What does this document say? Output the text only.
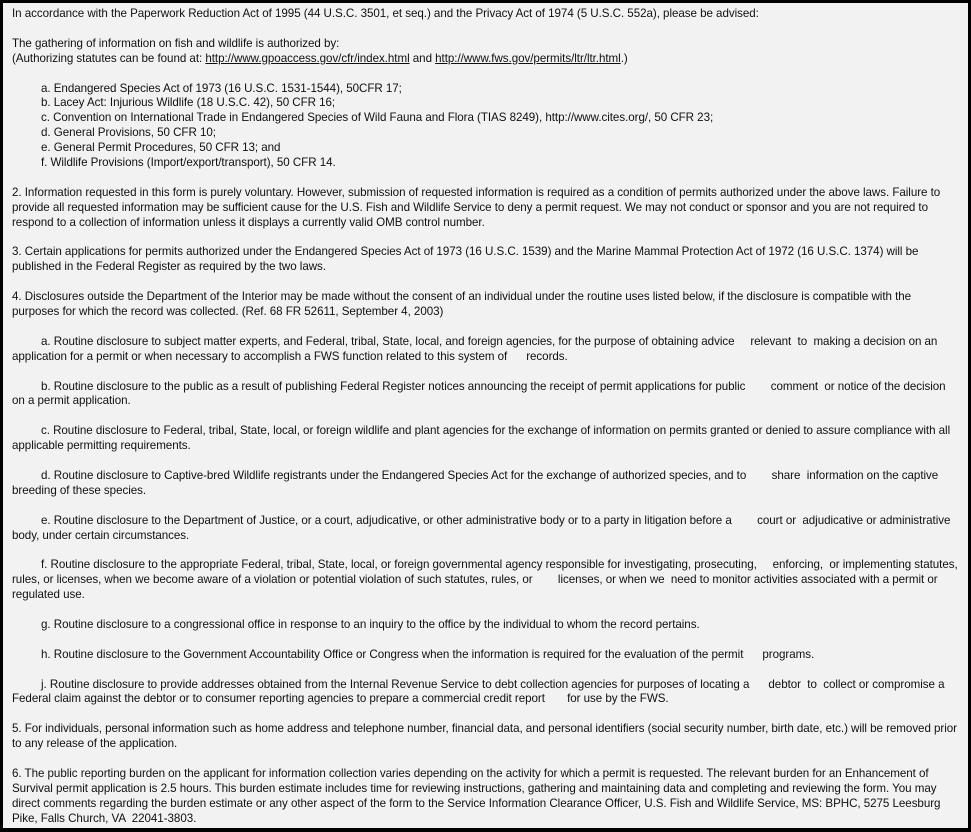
In accordance with the Paperwork Reduction Act of 1995 (44 U.S.C. 3501, et seq.) and the Privacy Act of 1974 (5 U.S.C. 552a), please be advised:

The gathering of information on fish and wildlife is authorized by:
(Authorizing statutes can be found at: http://www.gpoaccess.gov/cfr/index.html and http://www.fws.gov/permits/ltr/ltr.html.)
a. Endangered Species Act of 1973 (16 U.S.C. 1531-1544), 50CFR 17;
b. Lacey Act: Injurious Wildlife (18 U.S.C. 42), 50 CFR 16;
c. Convention on International Trade in Endangered Species of Wild Fauna and Flora (TIAS 8249), http://www.cites.org/, 50 CFR 23;
d. General Provisions, 50 CFR 10;
e. General Permit Procedures, 50 CFR 13; and
f. Wildlife Provisions (Import/export/transport), 50 CFR 14.

2. Information requested in this form is purely voluntary. However, submission of requested information is required as a condition of permits authorized under the above laws. Failure to provide all requested information may be sufficient cause for the U.S. Fish and Wildlife Service to deny a permit request. We may not conduct or sponsor and you are not required to respond to a collection of information unless it displays a currently valid OMB control number.

3. Certain applications for permits authorized under the Endangered Species Act of 1973 (16 U.S.C. 1539) and the Marine Mammal Protection Act of 1972 (16 U.S.C. 1374) will be published in the Federal Register as required by the two laws.

4. Disclosures outside the Department of the Interior may be made without the consent of an individual under the routine uses listed below, if the disclosure is compatible with the purposes for which the record was collected. (Ref. 68 FR 52611, September 4, 2003)

a. Routine disclosure to subject matter experts, and Federal, tribal, State, local, and foreign agencies, for the purpose of obtaining advice     relevant  to  making a decision on an application for a permit or when necessary to accomplish a FWS function related to this system of      records.

b. Routine disclosure to the public as a result of publishing Federal Register notices announcing the receipt of permit applications for public        comment  or notice of the decision on a permit application.

c. Routine disclosure to Federal, tribal, State, local, or foreign wildlife and plant agencies for the exchange of information on permits granted or denied to assure compliance with all applicable permitting requirements.

d. Routine disclosure to Captive-bred Wildlife registrants under the Endangered Species Act for the exchange of authorized species, and to        share  information on the captive breeding of these species.

e. Routine disclosure to the Department of Justice, or a court, adjudicative, or other administrative body or to a party in litigation before a        court or  adjudicative or administrative body, under certain circumstances.

f. Routine disclosure to the appropriate Federal, tribal, State, local, or foreign governmental agency responsible for investigating, prosecuting,     enforcing,  or implementing statutes, rules, or licenses, when we become aware of a violation or potential violation of such statutes, rules, or        licenses, or when we  need to monitor activities associated with a permit or regulated use.

g. Routine disclosure to a congressional office in response to an inquiry to the office by the individual to whom the record pertains.

h. Routine disclosure to the Government Accountability Office or Congress when the information is required for the evaluation of the permit      programs.

j. Routine disclosure to provide addresses obtained from the Internal Revenue Service to debt collection agencies for purposes of locating a      debtor  to  collect or compromise a Federal claim against the debtor or to consumer reporting agencies to prepare a commercial credit report       for use by the FWS.

5. For individuals, personal information such as home address and telephone number, financial data, and personal identifiers (social security number, birth date, etc.) will be removed prior to any release of the application.

6. The public reporting burden on the applicant for information collection varies depending on the activity for which a permit is requested. The relevant burden for an Enhancement of Survival permit application is 2.5 hours. This burden estimate includes time for reviewing instructions, gathering and maintaining data and completing and reviewing the form. You may direct comments regarding the burden estimate or any other aspect of the form to the Service Information Clearance Officer, U.S. Fish and Wildlife Service, MS: BPHC, 5275 Leesburg Pike, Falls Church, VA  22041-3803.
